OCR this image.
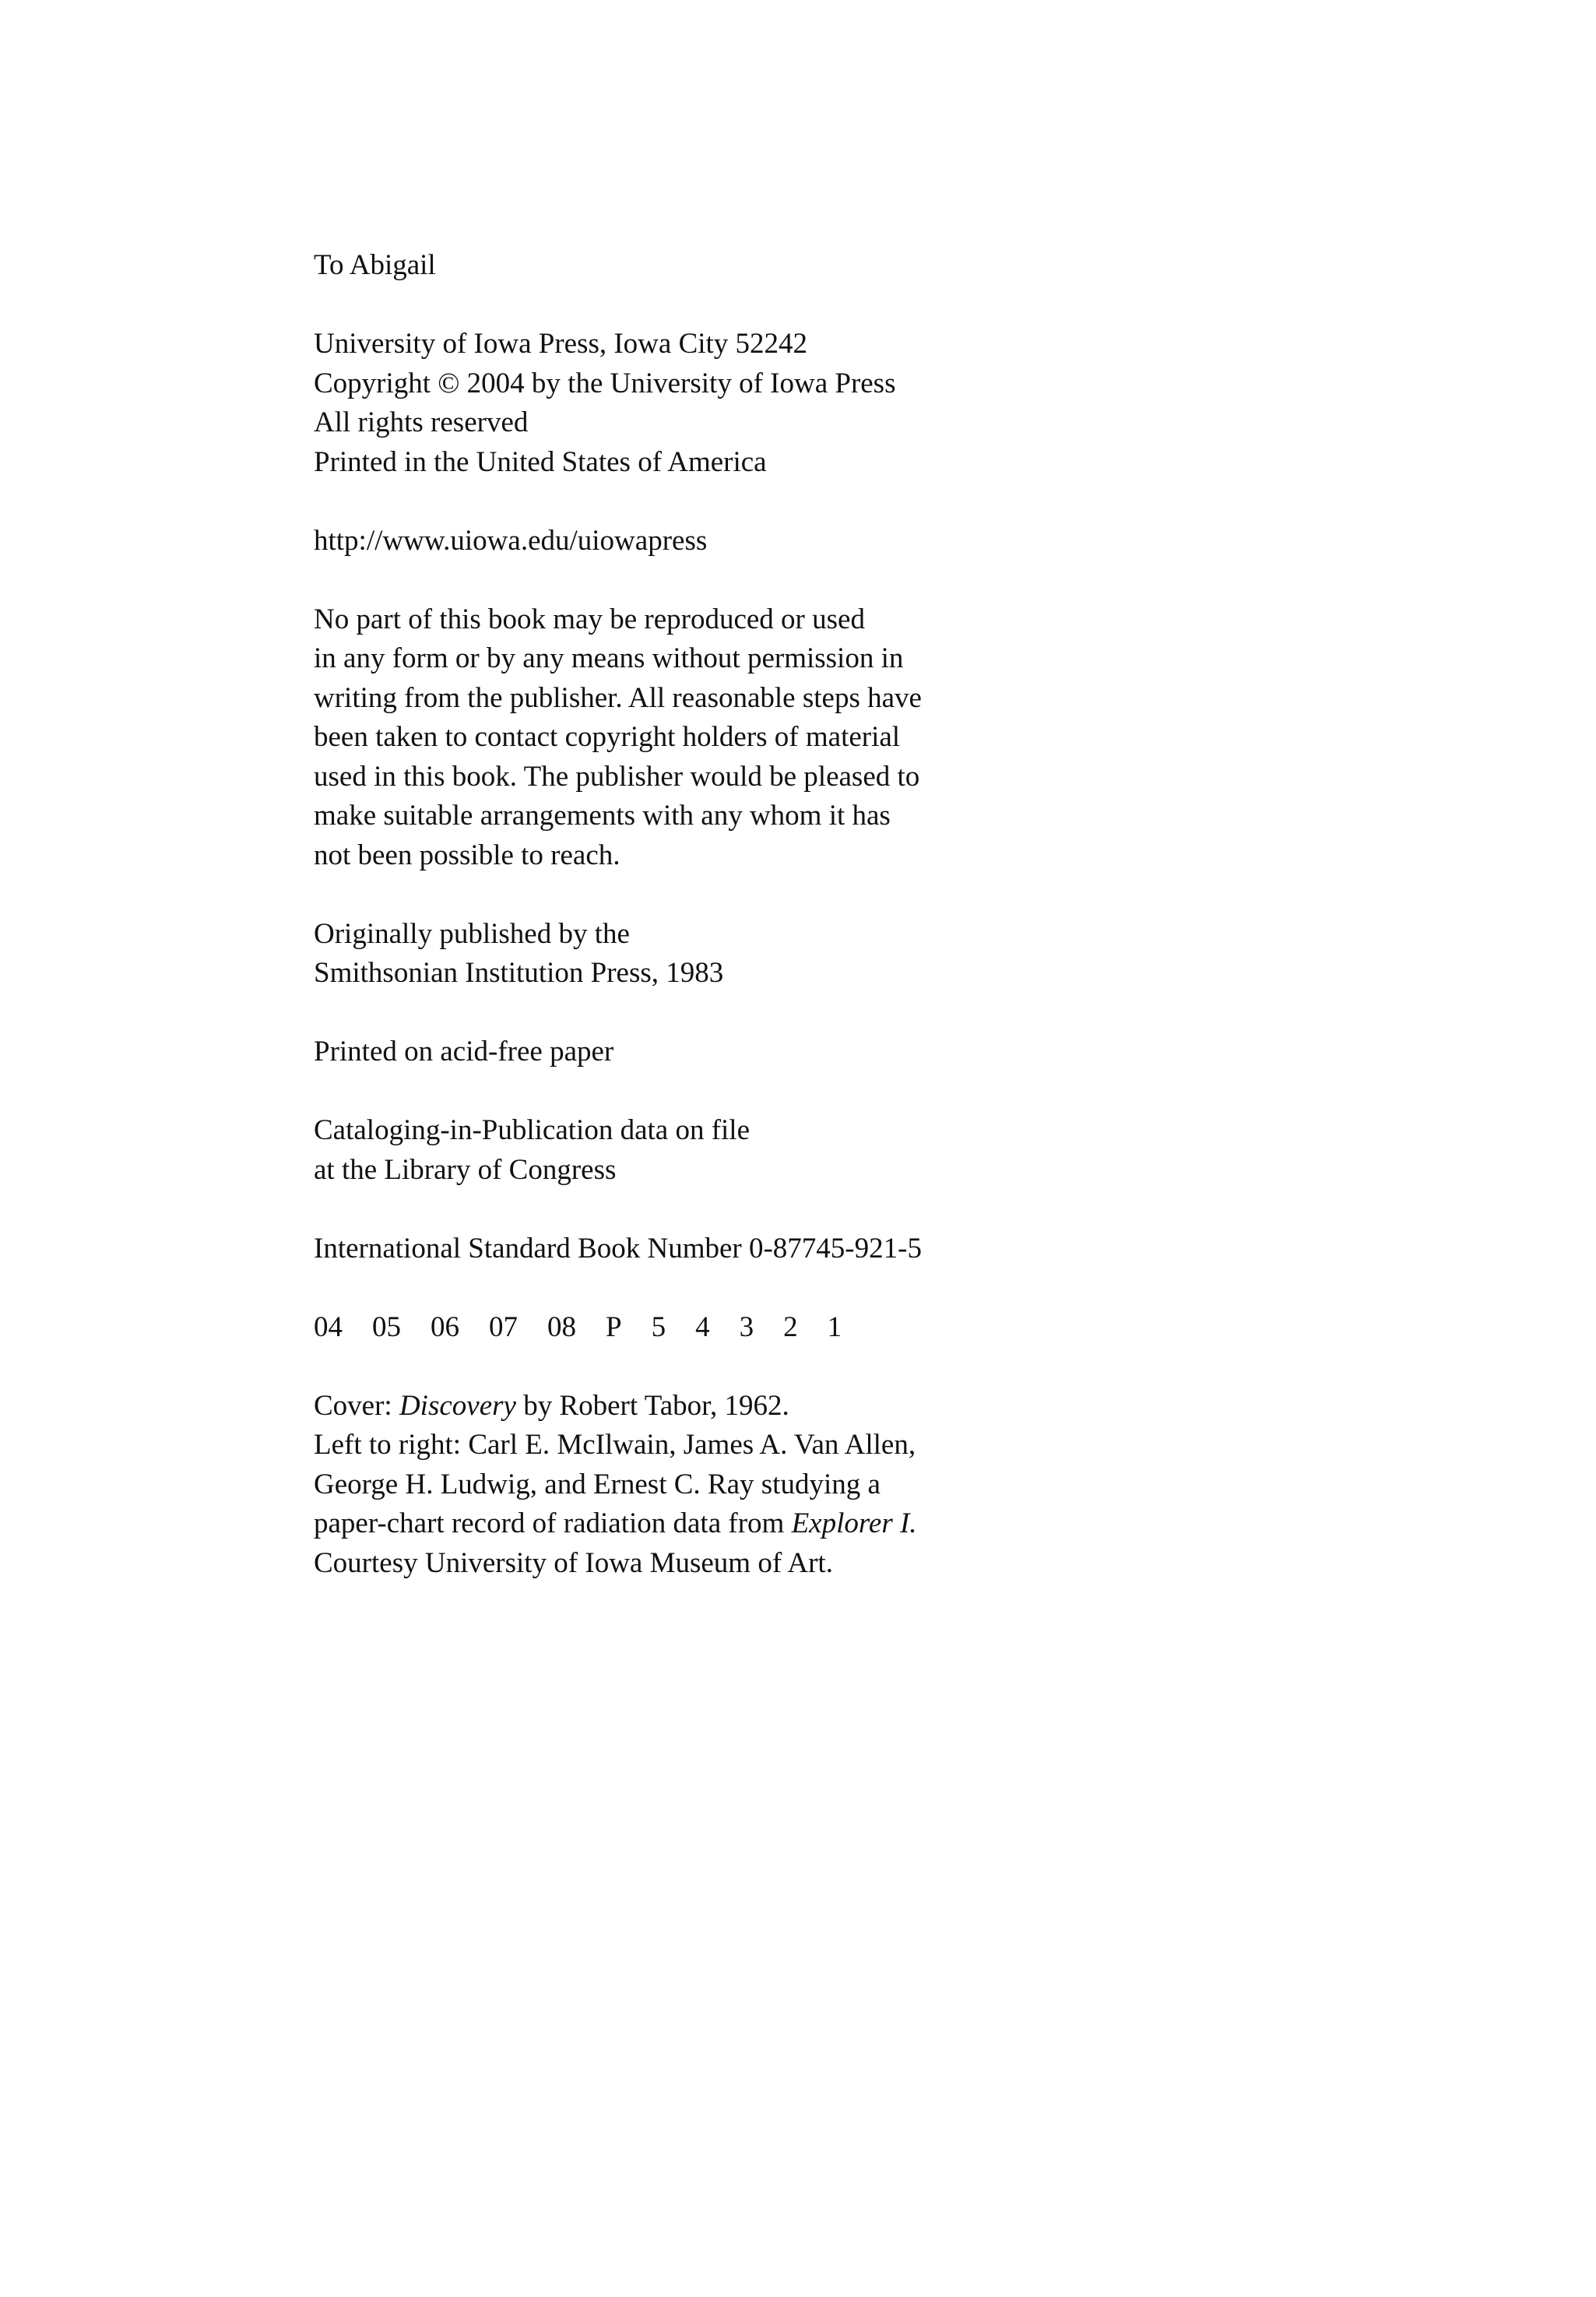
To Abigail
University of Iowa Press, Iowa City 52242
Copyright © 2004 by the University of Iowa Press
All rights reserved
Printed in the United States of America
http://www.uiowa.edu/uiowapress
No part of this book may be reproduced or used
in any form or by any means without permission in
writing from the publisher. All reasonable steps have
been taken to contact copyright holders of material
used in this book. The publisher would be pleased to
make suitable arrangements with any whom it has
not been possible to reach.
Originally published by the
Smithsonian Institution Press, 1983
Printed on acid-free paper
Cataloging-in-Publication data on file
at the Library of Congress
International Standard Book Number 0-87745-921-5
04 05 06 07 08 P 5 4 3 2 1
Cover: Discovery by Robert Tabor, 1962.
Left to right: Carl E. McIlwain, James A. Van Allen,
George H. Ludwig, and Ernest C. Ray studying a
paper-chart record of radiation data from Explorer I.
Courtesy University of Iowa Museum of Art.
